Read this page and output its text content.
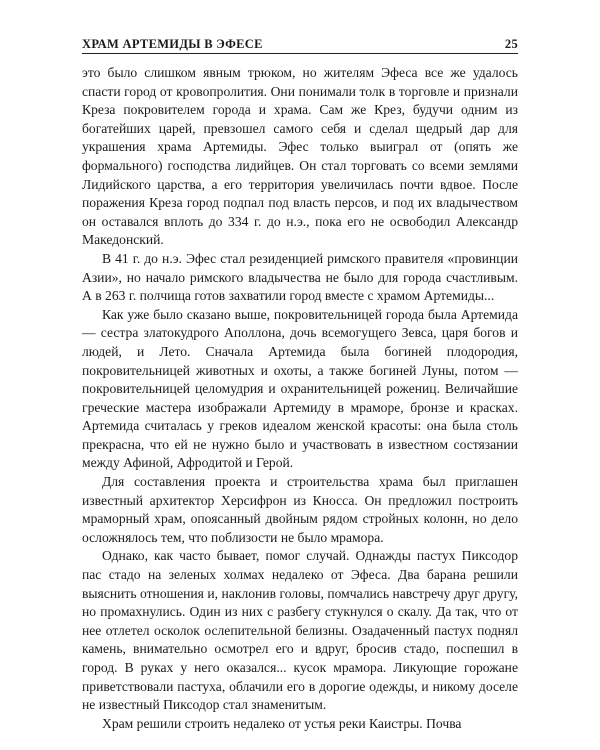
ХРАМ АРТЕМИДЫ В ЭФЕСЕ	25

это было слишком явным трюком, но жителям Эфеса все же удалось спасти город от кровопролития. Они понимали толк в торговле и признали Креза покровителем города и храма. Сам же Крез, будучи одним из богатейших царей, превзошел самого себя и сделал щедрый дар для украшения храма Артемиды. Эфес только выиграл от (опять же формального) господства лидийцев. Он стал торговать со всеми землями Лидийского царства, а его территория увеличилась почти вдвое. После поражения Креза город подпал под власть персов, и под их владычеством он оставался вплоть до 334 г. до н.э., пока его не освободил Александр Македонский.

В 41 г. до н.э. Эфес стал резиденцией римского правителя «провинции Азии», но начало римского владычества не было для города счастливым. А в 263 г. полчища готов захватили город вместе с храмом Артемиды...

Как уже было сказано выше, покровительницей города была Артемида — сестра златокудрого Аполлона, дочь всемогущего Зевса, царя богов и людей, и Лето. Сначала Артемида была богиней плодородия, покровительницей животных и охоты, а также богиней Луны, потом — покровительницей целомудрия и охранительницей рожениц. Величайшие греческие мастера изображали Артемиду в мраморе, бронзе и красках. Артемида считалась у греков идеалом женской красоты: она была столь прекрасна, что ей не нужно было и участвовать в известном состязании между Афиной, Афродитой и Герой.

Для составления проекта и строительства храма был приглашен известный архитектор Херсифрон из Кносса. Он предложил построить мраморный храм, опоясанный двойным рядом стройных колонн, но дело осложнялось тем, что поблизости не было мрамора.

Однако, как часто бывает, помог случай. Однажды пастух Пиксодор пас стадо на зеленых холмах недалеко от Эфеса. Два барана решили выяснить отношения и, наклонив головы, помчались навстречу друг другу, но промахнулись. Один из них с разбегу стукнулся о скалу. Да так, что от нее отлетел осколок ослепительной белизны. Озадаченный пастух поднял камень, внимательно осмотрел его и вдруг, бросив стадо, поспешил в город. В руках у него оказался... кусок мрамора. Ликующие горожане приветствовали пастуха, облачили его в дорогие одежды, и никому доселе не известный Пиксодор стал знаменитым.

Храм решили строить недалеко от устья реки Каистры. Почва
